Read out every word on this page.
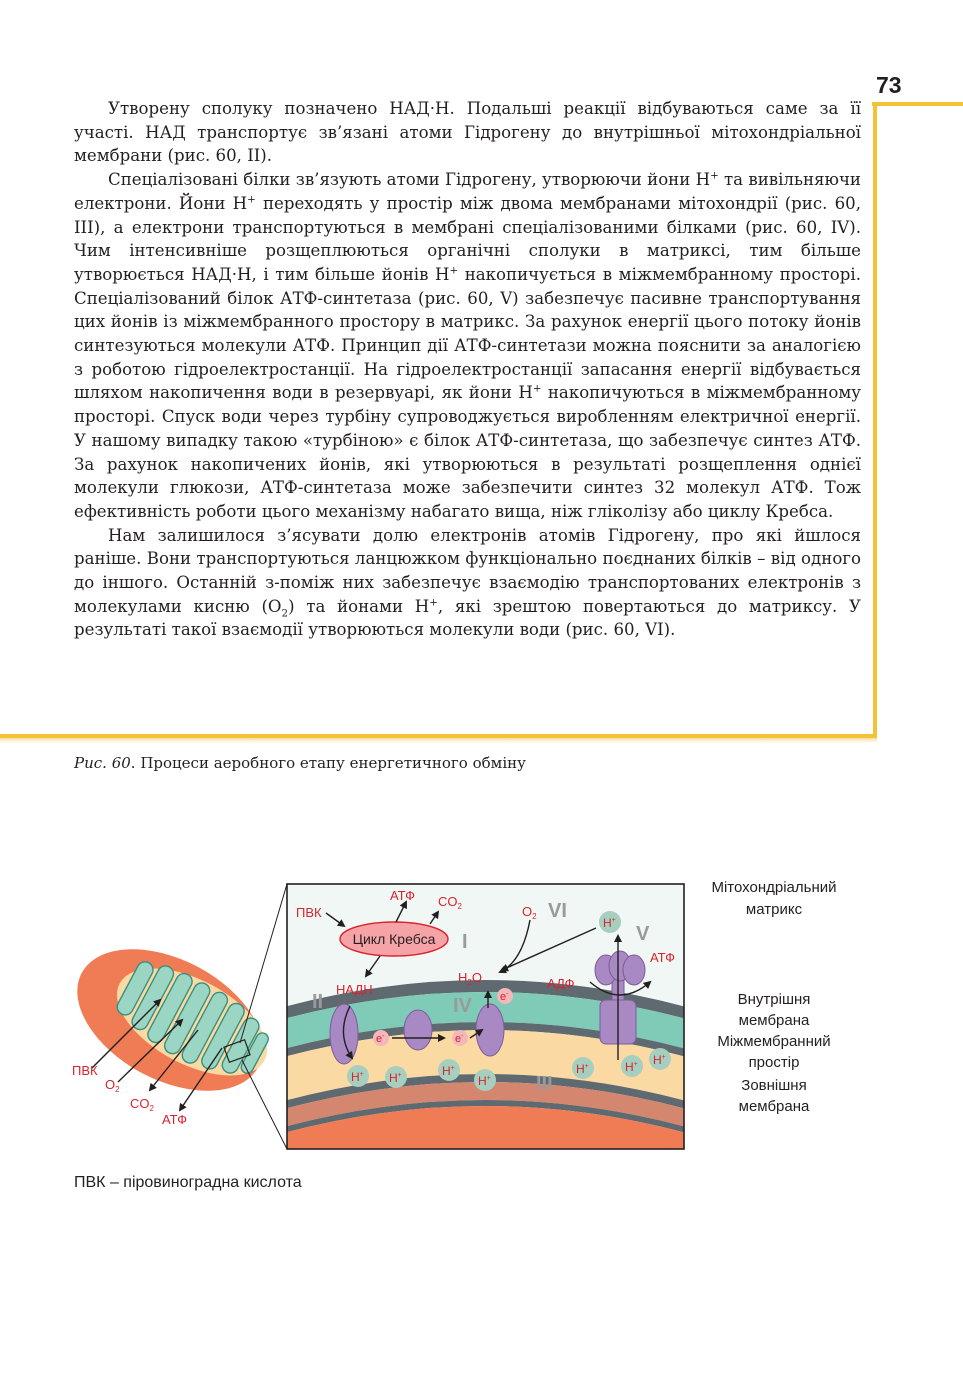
73

Утворену сполуку позначено НАД·Н. Подальші реакції відбуваються саме за її участі. НАД транспортує зв’язані атоми Гідрогену до внутрішньої мітохондріальної мембрани (рис. 60, II).

Спеціалізовані білки зв’язують атоми Гідрогену, утворюючи йони Н+ та вивільняючи електрони. Йони Н+ переходять у простір між двома мембранами мітохондрії (рис. 60, III), а електрони транспортуються в мембрані спеціалізованими білками (рис. 60, IV). Чим інтенсивніше розщеплюються органічні сполуки в матриксі, тим більше утворюється НАД·Н, і тим більше йонів Н+ накопичується в міжмембранному просторі. Спеціалізований білок АТФ-синтетаза (рис. 60, V) забезпечує пасивне транспортування цих йонів із міжмембранного простору в матрикс. За рахунок енергії цього потоку йонів синтезуються молекули АТФ. Принцип дії АТФ-синтетази можна пояснити за аналогією з роботою гідроелектростанції. На гідроелектростанції запасання енергії відбувається шляхом накопичення води в резервуарі, як йони Н+ накопичуються в міжмембранному просторі. Спуск води через турбіну супроводжується виробленням електричної енергії. У нашому випадку такою «турбіною» є білок АТФ-синтетаза, що забезпечує синтез АТФ. За рахунок накопичених йонів, які утворюються в результаті розщеплення однієї молекули глюкози, АТФ-синтетаза може забезпечити синтез 32 молекул АТФ. Тож ефективність роботи цього механізму набагато вища, ніж гліколізу або циклу Кребса.

Нам залишилося з’ясувати долю електронів атомів Гідрогену, про які йшлося раніше. Вони транспортуються ланцюжком функціонально поєднаних білків – від одного до іншого. Останній з-поміж них забезпечує взаємодію транспортованих електронів з молекулами кисню $(О_2)$ та йонами Н+, які зрештою повертаються до матриксу. У результаті такої взаємодії утворюються молекули води (рис. 60, VI).

Рис. 60. Процеси аеробного етапу енергетичного обміну
ПВК
$O_2$
$CO_2$
АТФ
Цикл Кребса
ПВК
АТФ $CO_2$
НАДН
$O_2$
$H_2O$	АДФ
АТФ
I
II
III
IV
V
VI
e-	e-
e-
H+
H+ H+	H+
H+
H+	H+ H+
Мітохондріальний
матрикс
Внутрішня
мембрана
Міжмембранний
простір
Зовнішня
мембрана
ПВК – піровиноградна кислота
